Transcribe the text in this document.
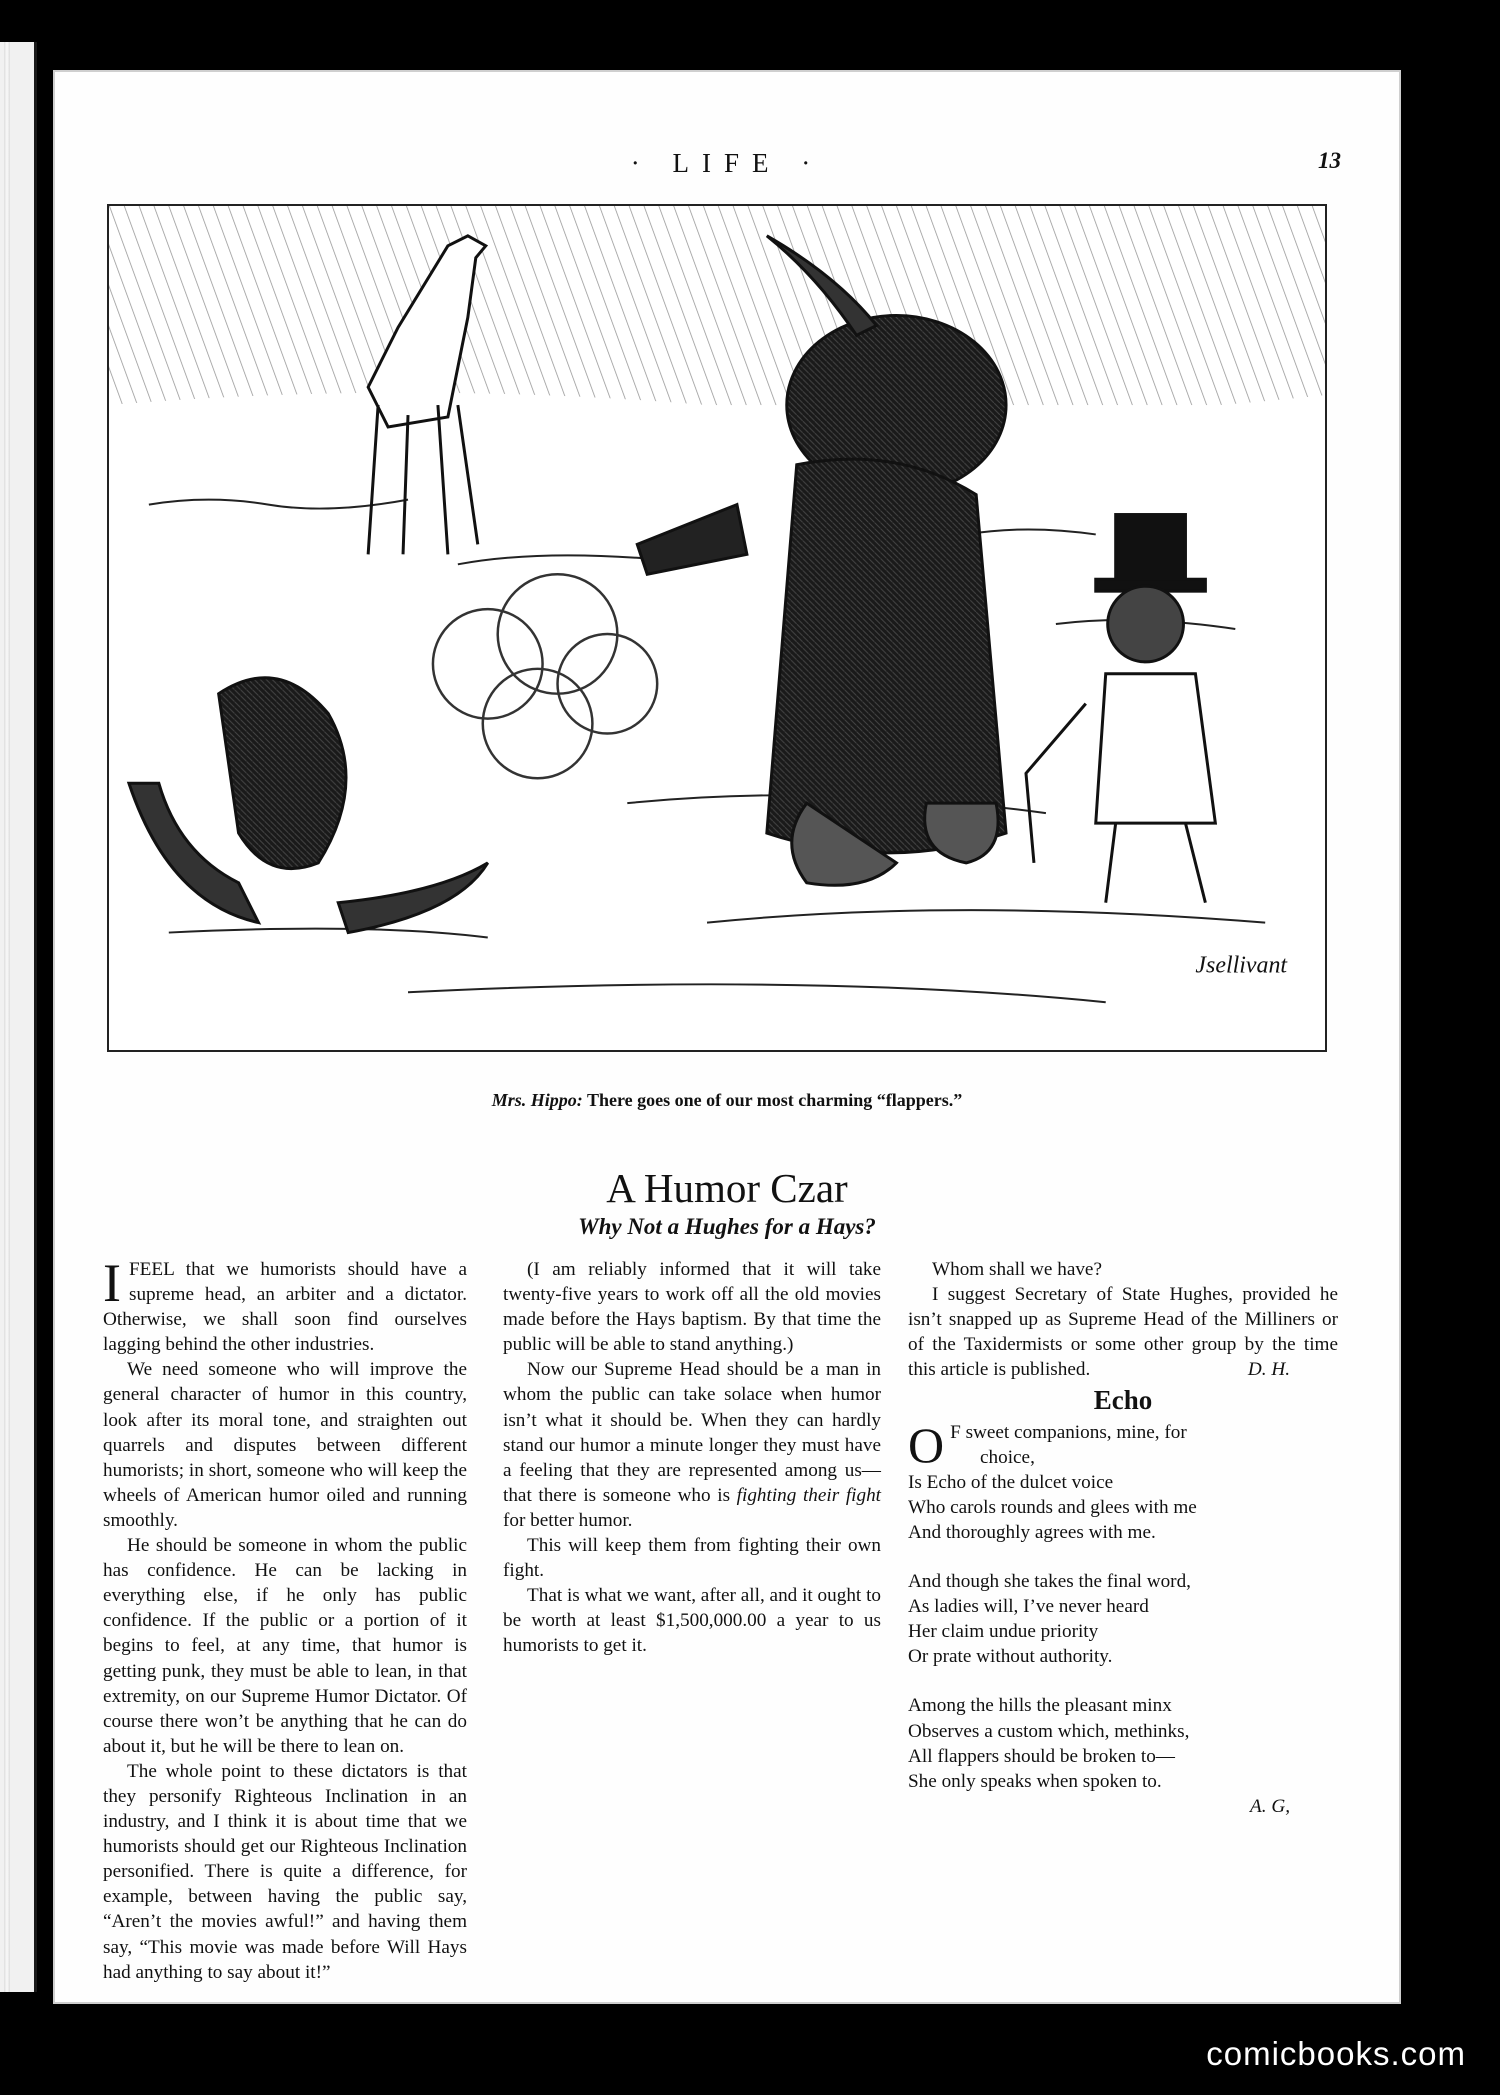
· LIFE ·	13
Jsellivant
Mrs. Hippo: There goes one of our most charming “flappers.”
A Humor Czar
Why Not a Hughes for a Hays?

IFEEL that we humorists should have a supreme head, an arbiter and a dictator. Otherwise, we shall soon find ourselves lagging behind the other industries.

We need someone who will improve the general character of humor in this country, look after its moral tone, and straighten out quarrels and disputes between different humorists; in short, someone who will keep the wheels of American humor oiled and running smoothly.

He should be someone in whom the public has confidence. He can be lacking in everything else, if he only has public confidence. If the public or a portion of it begins to feel, at any time, that humor is getting punk, they must be able to lean, in that extremity, on our Supreme Humor Dictator. Of course there won’t be anything that he can do about it, but he will be there to lean on.

The whole point to these dictators is that they personify Righteous Inclination in an industry, and I think it is about time that we humorists should get our Righteous Inclination personified. There is quite a difference, for example, between having the public say, “Aren’t the movies awful!” and having them say, “This movie was made before Will Hays had anything to say about it!”

(I am reliably informed that it will take twenty-five years to work off all the old movies made before the Hays baptism. By that time the public will be able to stand anything.)

Now our Supreme Head should be a man in whom the public can take solace when humor isn’t what it should be. When they can hardly stand our humor a minute longer they must have a feeling that they are represented among us—that there is someone who is fighting their fight for better humor.

This will keep them from fighting their own fight.

That is what we want, after all, and it ought to be worth at least $1,500,000.00 a year to us humorists to get it.

Whom shall we have?

I suggest Secretary of State Hughes, provided he isn’t snapped up as Supreme Head of the Milliners or of the Taxidermists or some other group by the time this article is published.	D. H.

Echo
O F sweet companions, mine, for
choice,
Is Echo of the dulcet voice
Who carols rounds and glees with me
And thoroughly agrees with me.
And though she takes the final word,
As ladies will, I’ve never heard
Her claim undue priority
Or prate without authority.
Among the hills the pleasant minx
Observes a custom which, methinks,
All flappers should be broken to—
She only speaks when spoken to.
A. G,
comicbooks.com
